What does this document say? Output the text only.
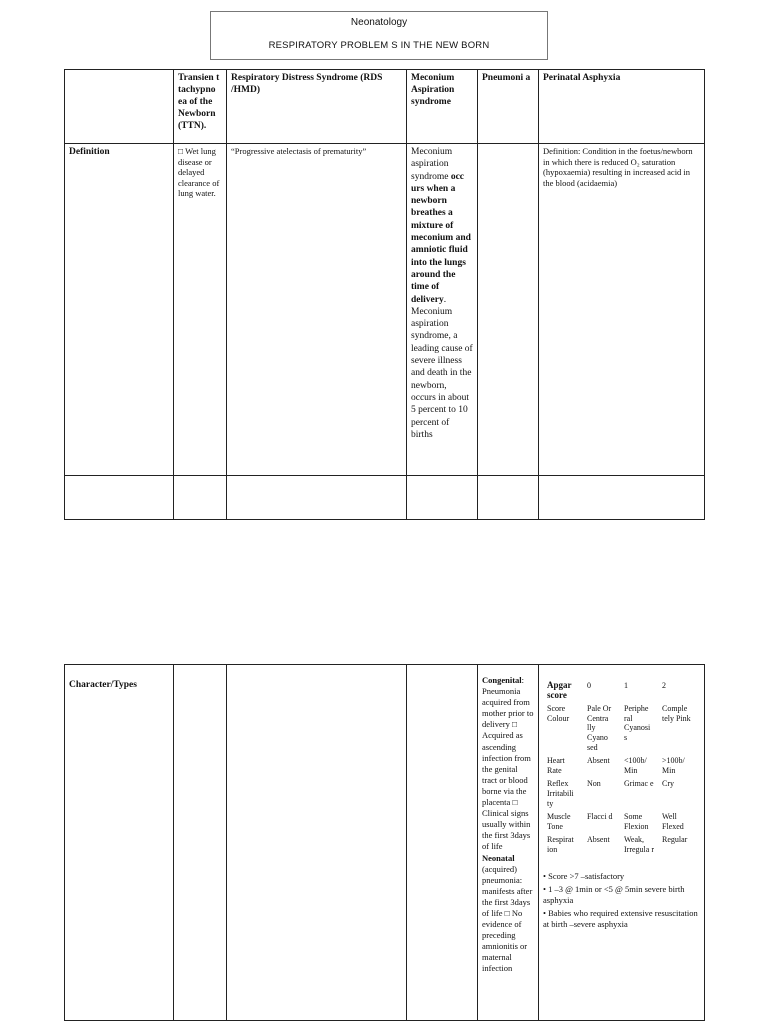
Neonatology
RESPIRATORY PROBLEM S IN THE NEW BORN
	Transien t tachypno ea of the Newborn (TTN).	Respiratory Distress Syndrome (RDS /HMD)	Meconium Aspiration syndrome	Pneumoni a	Perinatal Asphyxia
Definition	□ Wet lung disease or delayed clearance of lung water.	“Progressive atelectasis of prematurity”	Meconium aspiration syndrome occ urs when a newborn breathes a mixture of meconium and amniotic fluid into the lungs around the time of delivery. Meconium aspiration syndrome, a leading cause of severe illness and death in the newborn, occurs in about 5 percent to 10 percent of births		Definition: Condition in the foetus/newborn in which there is reduced O₂ saturation (hypoxaemia) resulting in increased acid in the blood (acidaemia)

Character/Types				Congenital: Pneumonia acquired from mother prior to delivery □ Acquired as ascending infection from the genital tract or blood borne via the placenta □ Clinical signs usually within the first 3days of life Neonatal (acquired) pneumonia: manifests after the first 3days of life □ No evidence of preceding amnionitis or maternal infection	
Apgar score	0	1	2
Score Colour	Pale Or Centra lly Cyano sed	Periphe ral Cyanosi s	Comple tely Pink
Heart Rate	Absent	<100b/ Min	>100b/ Min
Reflex Irritabili ty	Non	Grimac e	Cry
Muscle Tone	Flacci d	Some Flexion	Well Flexed
Respirat ion	Absent	Weak, Irregula r	Regular
• Score >7 –satisfactory
• 1 –3 @ 1min or <5 @ 5min severe birth asphyxia
• Babies who required extensive resuscitation at birth –severe asphyxia
